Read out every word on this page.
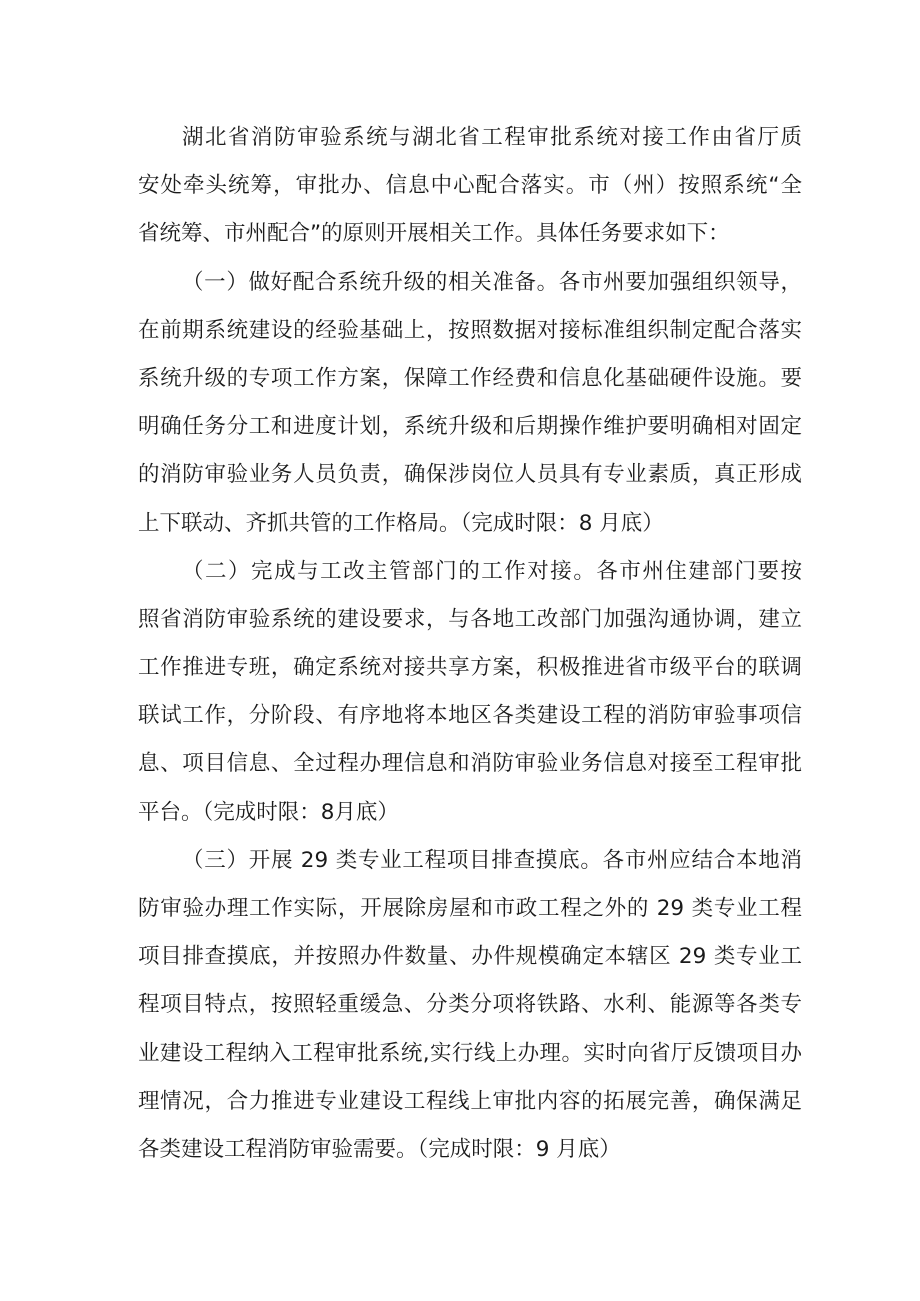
湖北省消防审验系统与湖北省工程审批系统对接工作由省厅质
安处牵头统筹，审批办、信息中心配合落实。市（州）按照系统“全
省统筹、市州配合”的原则开展相关工作。具体任务要求如下：
（一）做好配合系统升级的相关准备。各市州要加强组织领导，
在前期系统建设的经验基础上，按照数据对接标准组织制定配合落实
系统升级的专项工作方案，保障工作经费和信息化基础硬件设施。要
明确任务分工和进度计划，系统升级和后期操作维护要明确相对固定
的消防审验业务人员负责，确保涉岗位人员具有专业素质，真正形成
上下联动、齐抓共管的工作格局。（完成时限：8 月底）
（二）完成与工改主管部门的工作对接。各市州住建部门要按
照省消防审验系统的建设要求，与各地工改部门加强沟通协调，建立
工作推进专班，确定系统对接共享方案，积极推进省市级平台的联调
联试工作，分阶段、有序地将本地区各类建设工程的消防审验事项信
息、项目信息、全过程办理信息和消防审验业务信息对接至工程审批
平台。（完成时限：8月底）
（三）开展 29 类专业工程项目排查摸底。各市州应结合本地消
防审验办理工作实际，开展除房屋和市政工程之外的 29 类专业工程
项目排查摸底，并按照办件数量、办件规模确定本辖区 29 类专业工
程项目特点，按照轻重缓急、分类分项将铁路、水利、能源等各类专
业建设工程纳入工程审批系统,实行线上办理。实时向省厅反馈项目办
理情况，合力推进专业建设工程线上审批内容的拓展完善，确保满足
各类建设工程消防审验需要。（完成时限：9 月底）
